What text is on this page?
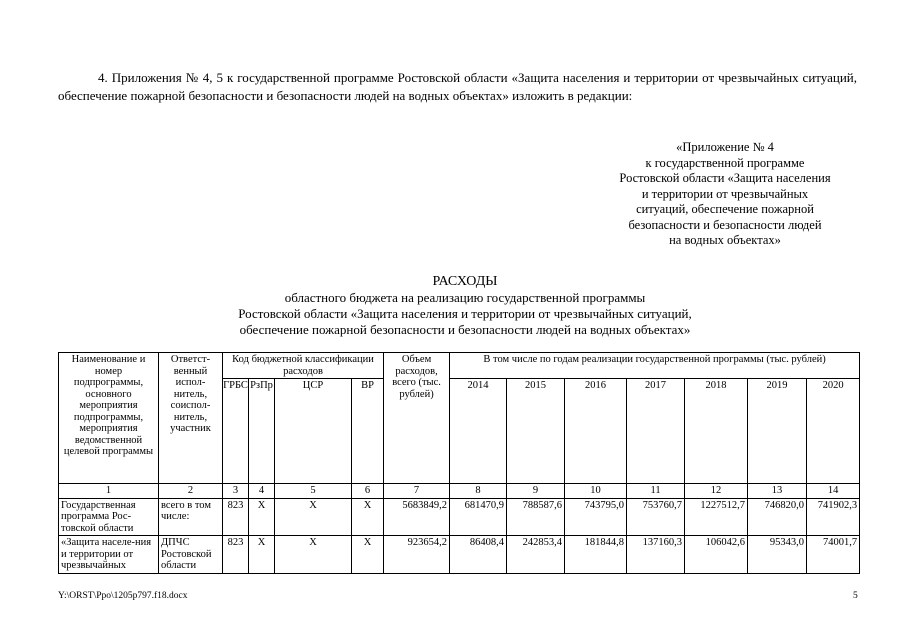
4. Приложения № 4, 5 к государственной программе Ростовской области «Защита населения и территории от чрезвычайных ситуаций, обеспечение пожарной безопасности и безопасности людей на водных объектах» изложить в редакции:
«Приложение № 4
к государственной программе
Ростовской области «Защита населения
и территории от чрезвычайных
ситуаций, обеспечение пожарной
безопасности и безопасности людей
на водных объектах»
РАСХОДЫ
областного бюджета на реализацию государственной программы
Ростовской области «Защита населения и территории от чрезвычайных ситуаций,
обеспечение пожарной безопасности и безопасности людей на водных объектах»
Наименование и номер подпрограммы, основного мероприятия подпрограммы, мероприятия ведомственной целевой программы	Ответст-венный испол-нитель, соиспол-нитель, участник	Код бюджетной классификации расходов				Объем расходов, всего (тыс. рублей)	В том числе по годам реализации государственной программы (тыс. рублей)						
		ГРБС	РзПр	ЦСР	ВР		2014	2015	2016	2017	2018	2019	2020
1	2	3	4	5	6	7	8	9	10	11	12	13	14
Государственная программа Рос-товской области	всего в том числе:	823	X	X	X	5683849,2	681470,9	788587,6	743795,0	753760,7	1227512,7	746820,0	741902,3
«Защита населе-ния и территории от чрезвычайных	ДПЧС Ростовской области	823	X	X	X	923654,2	86408,4	242853,4	181844,8	137160,3	106042,6	95343,0	74001,7
Y:\ORST\Ppo\1205p797.f18.docx	5
